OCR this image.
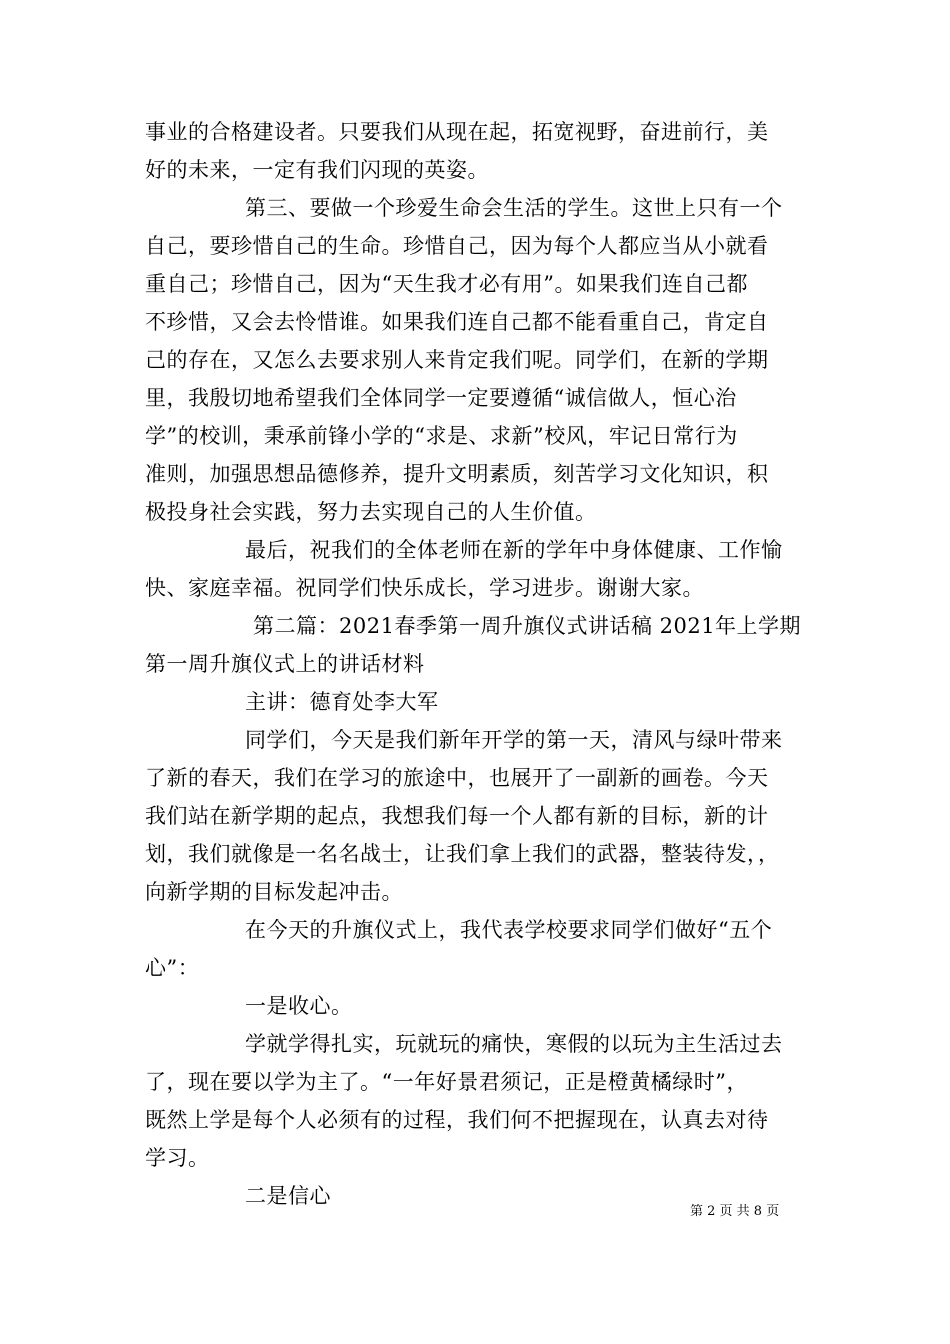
事业的合格建设者。只要我们从现在起，拓宽视野，奋进前行，美
好的未来，一定有我们闪现的英姿。
第三、要做一个珍爱生命会生活的学生。这世上只有一个
自己，要珍惜自己的生命。珍惜自己，因为每个人都应当从小就看
重自己；珍惜自己，因为“天生我才必有用”。如果我们连自己都
不珍惜，又会去怜惜谁。如果我们连自己都不能看重自己，肯定自
己的存在，又怎么去要求别人来肯定我们呢。同学们，在新的学期
里，我殷切地希望我们全体同学一定要遵循“诚信做人，恒心治
学”的校训，秉承前锋小学的“求是、求新”校风，牢记日常行为
准则，加强思想品德修养，提升文明素质，刻苦学习文化知识，积
极投身社会实践，努力去实现自己的人生价值。
最后，祝我们的全体老师在新的学年中身体健康、工作愉
快、家庭幸福。祝同学们快乐成长，学习进步。谢谢大家。
第二篇：2021春季第一周升旗仪式讲话稿 2021年上学期
第一周升旗仪式上的讲话材料
主讲：德育处李大军
同学们，今天是我们新年开学的第一天，清风与绿叶带来
了新的春天，我们在学习的旅途中，也展开了一副新的画卷。今天
我们站在新学期的起点，我想我们每一个人都有新的目标，新的计
划，我们就像是一名名战士，让我们拿上我们的武器，整装待发，，
向新学期的目标发起冲击。
在今天的升旗仪式上，我代表学校要求同学们做好“五个
心”：
一是收心。
学就学得扎实，玩就玩的痛快，寒假的以玩为主生活过去
了，现在要以学为主了。“一年好景君须记，正是橙黄橘绿时”，
既然上学是每个人必须有的过程，我们何不把握现在，认真去对待
学习。
二是信心
第 2 页 共 8 页
